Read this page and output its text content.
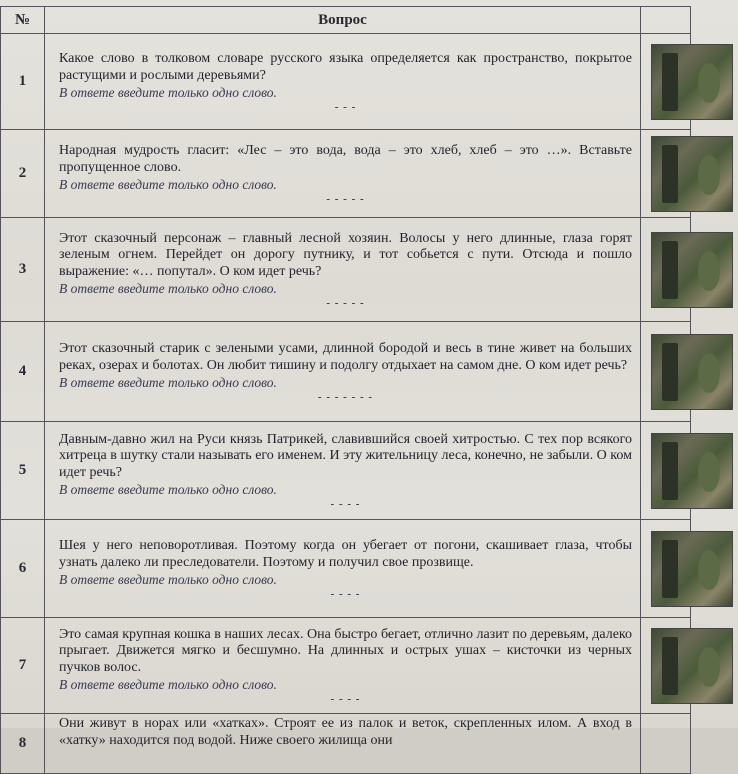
№	Вопрос	
1	Какое слово в толковом словаре русского языка определяется как пространство, покрытое растущими и рослыми деревьями?
В ответе введите только одно слово.
- - -	

2	Народная мудрость гласит: «Лес – это вода, вода – это хлеб, хлеб – это …». Вставьте пропущенное слово.
В ответе введите только одно слово.
- - - - -	

3	Этот сказочный персонаж – главный лесной хозяин. Волосы у него длинные, глаза горят зеленым огнем. Перейдет он дорогу путнику, и тот собьется с пути. Отсюда и пошло выражение: «… попутал». О ком идет речь?
В ответе введите только одно слово.
- - - - -	

4	Этот сказочный старик с зелеными усами, длинной бородой и весь в тине живет на больших реках, озерах и болотах. Он любит тишину и подолгу отдыхает на самом дне. О ком идет речь?
В ответе введите только одно слово.
- - - - - - -	

5	Давным-давно жил на Руси князь Патрикей, славившийся своей хитростью. С тех пор всякого хитреца в шутку стали называть его именем. И эту жительницу леса, конечно, не забыли. О ком идет речь?
В ответе введите только одно слово.
- - - -	

6	Шея у него неповоротливая. Поэтому когда он убегает от погони, скашивает глаза, чтобы узнать далеко ли преследователи. Поэтому и получил свое прозвище.
В ответе введите только одно слово.
- - - -	

7	Это самая крупная кошка в наших лесах. Она быстро бегает, отлично лазит по деревьям, далеко прыгает. Движется мягко и бесшумно. На длинных и острых ушах – кисточки из черных пучков волос.
В ответе введите только одно слово.
- - - -	

8	Они живут в норах или «хатках». Строят ее из палок и веток, скрепленных илом. А вход в «хатку» находится под водой. Ниже своего жилища они	
